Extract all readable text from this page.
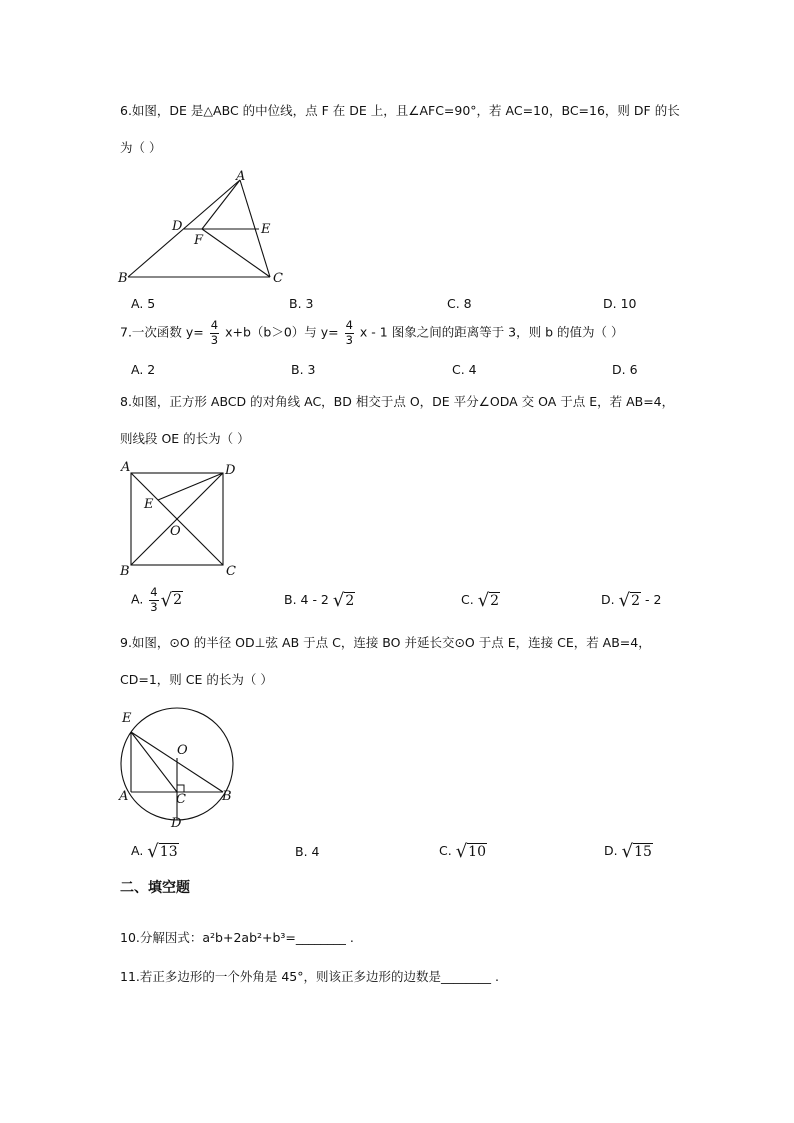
6.如图，DE 是△ABC 的中位线，点 F 在 DE 上，且∠AFC=90°，若 AC=10，BC=16，则 DF 的长
为（ ）
A
B	C
D	E
F
A. 5	B. 3	C. 8	D. 10
7.一次函数 $y= \frac{4}{3} x+b(b>0)$与 $y= \frac{4}{3}$ x - 1 图象之间的距离等于 3，则 b 的值为（ ）
A. 2	B. 3	C. 4	D. 6
8.如图，正方形 ABCD 的对角线 AC，BD 相交于点 O，DE 平分∠ODA 交 OA 于点 E，若 AB=4，
则线段 OE 的长为（ ）
A
B	C
D
E
O
A. $\frac{4}{3} √2$	B. 4 - 2 √2	C. √2	D. √2 - 2
9.如图，⊙O 的半径 OD⊥弦 AB 于点 C，连接 BO 并延长交⊙O 于点 E，连接 CE，若 AB=4，
CD=1，则 CE 的长为（ ）
E
O
A	B
C
D
A. √13	B. 4	C. √10	D. √15
二、填空题
10.分解因式：a²b+2ab²+b³=________ .
11.若正多边形的一个外角是 45°，则该正多边形的边数是________ .
